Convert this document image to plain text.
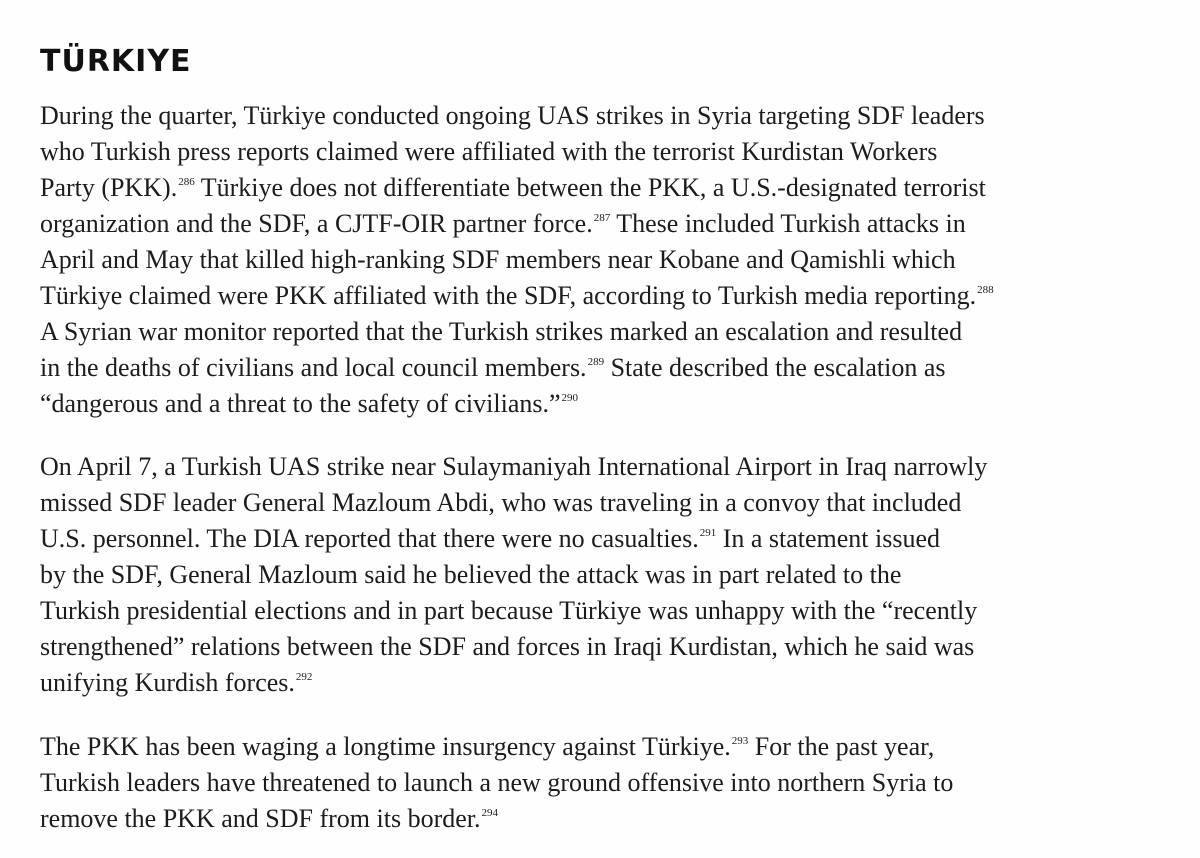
TÜRKIYE

During the quarter, Türkiye conducted ongoing UAS strikes in Syria targeting SDF leaders
who Turkish press reports claimed were affiliated with the terrorist Kurdistan Workers
Party (PKK).$^{286}$ Türkiye does not differentiate between the PKK, a U.S.-designated terrorist
organization and the SDF, a CJTF-OIR partner force.$^{287}$ These included Turkish attacks in
April and May that killed high-ranking SDF members near Kobane and Qamishli which
Türkiye claimed were PKK affiliated with the SDF, according to Turkish media reporting.$^{288}$
A Syrian war monitor reported that the Turkish strikes marked an escalation and resulted
in the deaths of civilians and local council members.$^{289}$ State described the escalation as
“dangerous and a threat to the safety of civilians.”$^{290}$

On April 7, a Turkish UAS strike near Sulaymaniyah International Airport in Iraq narrowly
missed SDF leader General Mazloum Abdi, who was traveling in a convoy that included
U.S. personnel. The DIA reported that there were no casualties.$^{291}$ In a statement issued
by the SDF, General Mazloum said he believed the attack was in part related to the
Turkish presidential elections and in part because Türkiye was unhappy with the “recently
strengthened” relations between the SDF and forces in Iraqi Kurdistan, which he said was
unifying Kurdish forces.$^{292}$

The PKK has been waging a longtime insurgency against Türkiye.$^{293}$ For the past year,
Turkish leaders have threatened to launch a new ground offensive into northern Syria to
remove the PKK and SDF from its border.$^{294}$
